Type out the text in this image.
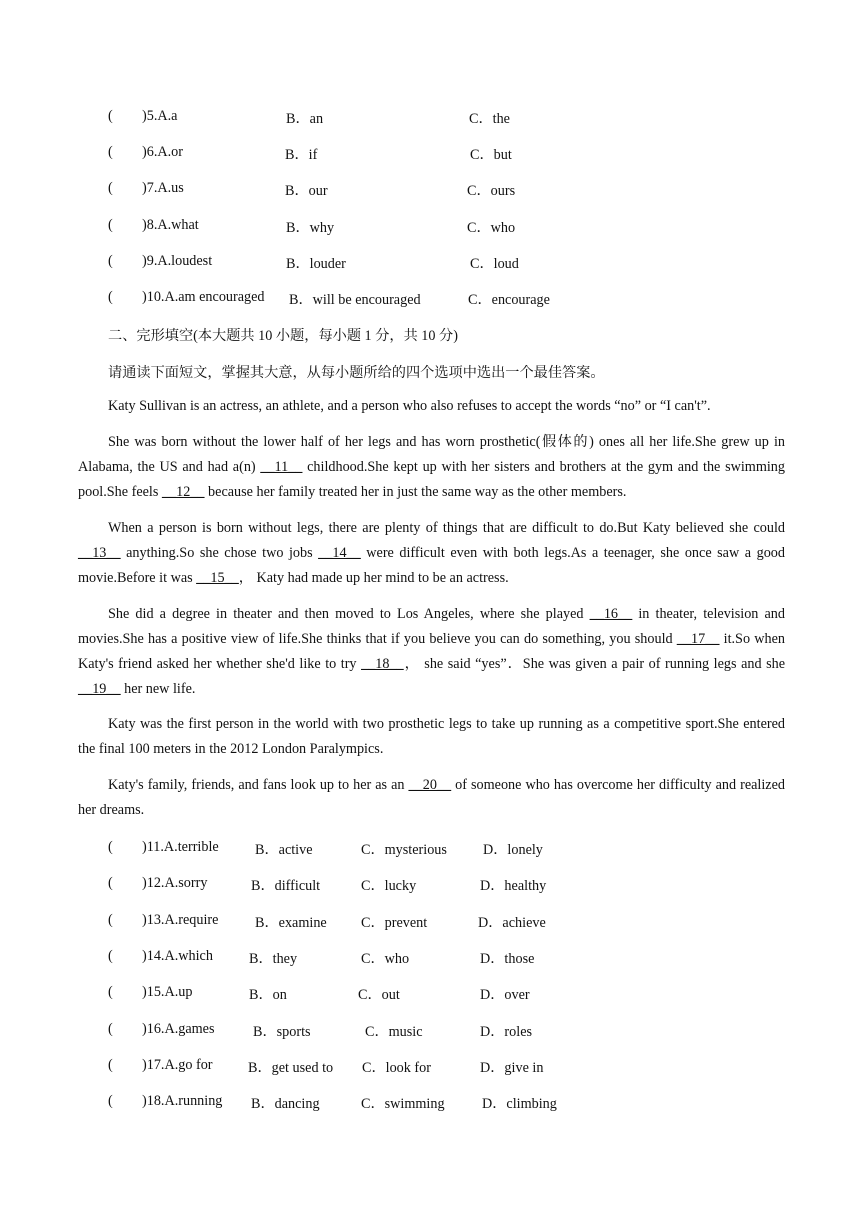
( )5.A.a	B．an	C．the
( )6.A.or	B．if	C．but
( )7.A.us	B．our	C．ours
( )8.A.what	B．why	C．who
( )9.A.loudest	B．louder	C．loud
( )10.A.am encouraged B．will be encouraged	C．encourage
二、完形填空(本大题共 10 小题，每小题 1 分，共 10 分)
请通读下面短文，掌握其大意，从每小题所给的四个选项中选出一个最佳答案。
Katy Sullivan is an actress, an athlete, and a person who also refuses to accept the words “no” or “I can't”.
She was born without the lower half of her legs and has worn prosthetic(假体的) ones all her life.She grew up in Alabama, the US and had a(n) __11__ childhood.She kept up with her sisters and brothers at the gym and the swimming pool.She feels __12__ because her family treated her in just the same way as the other members.
When a person is born without legs, there are plenty of things that are difficult to do.But Katy believed she could __13__ anything.So she chose two jobs __14__ were difficult even with both legs.As a teenager, she once saw a good movie.Before it was __15__， Katy had made up her mind to be an actress.
She did a degree in theater and then moved to Los Angeles, where she played __16__ in theater, television and movies.She has a positive view of life.She thinks that if you believe you can do something, you should __17__ it.So when Katy's friend asked her whether she'd like to try __18__， she said “yes”．She was given a pair of running legs and she __19__ her new life.
Katy was the first person in the world with two prosthetic legs to take up running as a competitive sport.She entered the final 100 meters in the 2012 London Paralympics.
Katy's family, friends, and fans look up to her as an __20__ of someone who has overcome her difficulty and realized her dreams.
( )11.A.terrible	B．active	C．mysterious	D．lonely
( )12.A.sorry	B．difficult	C．lucky	D．healthy
( )13.A.require	B．examine C．prevent	D．achieve
( )14.A.which	B．they	C．who	D．those
( )15.A.up	B．on	C．out	D．over
( )16.A.games	B．sports	C．music	D．roles
( )17.A.go for B．get used to C．look for	D．give in
( )18.A.running B．dancing	C．swimming	D．climbing
